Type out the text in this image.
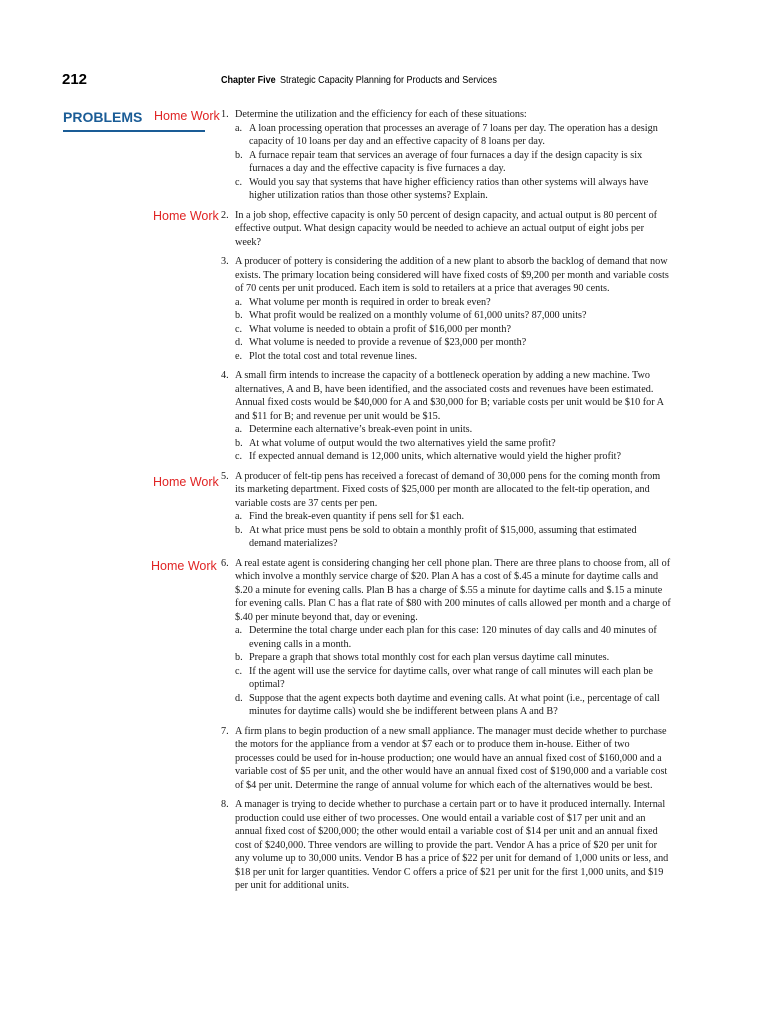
212	Chapter Five Strategic Capacity Planning for Products and Services
PROBLEMS Home Work
Home Work
Home Work
Home Work
1. Determine the utilization and the efficiency for each of these situations:

a. A loan processing operation that processes an average of 7 loans per day. The operation has a design capacity of 10 loans per day and an effective capacity of 8 loans per day.

b. A furnace repair team that services an average of four furnaces a day if the design capacity is six furnaces a day and the effective capacity is five furnaces a day.

c. Would you say that systems that have higher efficiency ratios than other systems will always have higher utilization ratios than those other systems? Explain.

2. In a job shop, effective capacity is only 50 percent of design capacity, and actual output is 80 percent of effective output. What design capacity would be needed to achieve an actual output of eight jobs per week?

3. A producer of pottery is considering the addition of a new plant to absorb the backlog of demand that now exists. The primary location being considered will have fixed costs of $9,200 per month and variable costs of 70 cents per unit produced. Each item is sold to retailers at a price that averages 90 cents.

a. What volume per month is required in order to break even?

b. What profit would be realized on a monthly volume of 61,000 units? 87,000 units?

c. What volume is needed to obtain a profit of $16,000 per month?

d. What volume is needed to provide a revenue of $23,000 per month?

e. Plot the total cost and total revenue lines.

4. A small firm intends to increase the capacity of a bottleneck operation by adding a new machine. Two alternatives, A and B, have been identified, and the associated costs and revenues have been estimated. Annual fixed costs would be $40,000 for A and $30,000 for B; variable costs per unit would be $10 for A and $11 for B; and revenue per unit would be $15.

a. Determine each alternative’s break-even point in units.

b. At what volume of output would the two alternatives yield the same profit?

c. If expected annual demand is 12,000 units, which alternative would yield the higher profit?

5. A producer of felt-tip pens has received a forecast of demand of 30,000 pens for the coming month from its marketing department. Fixed costs of $25,000 per month are allocated to the felt-tip operation, and variable costs are 37 cents per pen.

a. Find the break-even quantity if pens sell for $1 each.

b. At what price must pens be sold to obtain a monthly profit of $15,000, assuming that estimated demand materializes?

6. A real estate agent is considering changing her cell phone plan. There are three plans to choose from, all of which involve a monthly service charge of $20. Plan A has a cost of $.45 a minute for daytime calls and $.20 a minute for evening calls. Plan B has a charge of $.55 a minute for daytime calls and $.15 a minute for evening calls. Plan C has a flat rate of $80 with 200 minutes of calls allowed per month and a charge of $.40 per minute beyond that, day or evening.

a. Determine the total charge under each plan for this case: 120 minutes of day calls and 40 minutes of evening calls in a month.

b. Prepare a graph that shows total monthly cost for each plan versus daytime call minutes.

c. If the agent will use the service for daytime calls, over what range of call minutes will each plan be optimal?

d. Suppose that the agent expects both daytime and evening calls. At what point (i.e., percentage of call minutes for daytime calls) would she be indifferent between plans A and B?

7. A firm plans to begin production of a new small appliance. The manager must decide whether to purchase the motors for the appliance from a vendor at $7 each or to produce them in-house. Either of two processes could be used for in-house production; one would have an annual fixed cost of $160,000 and a variable cost of $5 per unit, and the other would have an annual fixed cost of $190,000 and a variable cost of $4 per unit. Determine the range of annual volume for which each of the alternatives would be best.

8. A manager is trying to decide whether to purchase a certain part or to have it produced internally. Internal production could use either of two processes. One would entail a variable cost of $17 per unit and an annual fixed cost of $200,000; the other would entail a variable cost of $14 per unit and an annual fixed cost of $240,000. Three vendors are willing to provide the part. Vendor A has a price of $20 per unit for any volume up to 30,000 units. Vendor B has a price of $22 per unit for demand of 1,000 units or less, and $18 per unit for larger quantities. Vendor C offers a price of $21 per unit for the first 1,000 units, and $19 per unit for additional units.
